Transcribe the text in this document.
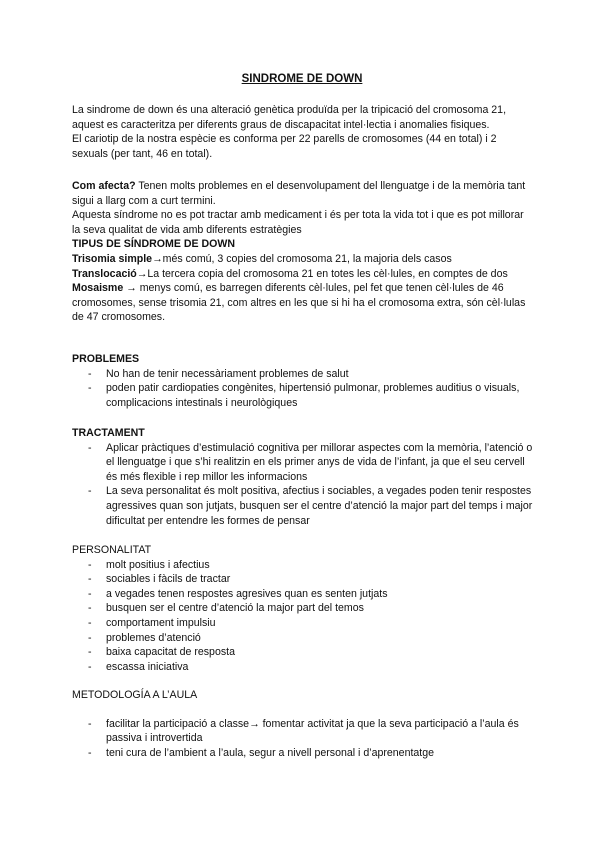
SINDROME DE DOWN

La sindrome de down és una alteració genètica produïda per la tripicació del cromosoma 21, aquest es caracteritza per diferents graus de discapacitat intel·lectia i anomalies fisiques.

El cariotip de la nostra espècie es conforma per 22 parells de cromosomes (44 en total) i 2 sexuals (per tant, 46 en total).

Com afecta? Tenen molts problemes en el desenvolupament del llenguatge i de la memòria tant sigui a llarg com a curt termini.

Aquesta síndrome no es pot tractar amb medicament i és per tota la vida tot i que es pot millorar la seva qualitat de vida amb diferents estratègies

TIPUS DE SÍNDROME DE DOWN

Trisomia simple→més comú, 3 copies del cromosoma 21, la majoria dels casos

Translocació→La tercera copia del cromosoma 21 en totes les cèl·lules, en comptes de dos

Mosaisme → menys comú, es barregen diferents cèl·lules, pel fet que tenen cèl·lules de 46 cromosomes, sense trisomia 21, com altres en les que si hi ha el cromosoma extra, són cèl·lulas de 47 cromosomes.

PROBLEMES

- No han de tenir necessàriament problemes de salut
- poden patir cardiopaties congènites, hipertensió pulmonar, problemes auditius o visuals, complicacions intestinals i neurològiques

TRACTAMENT

- Aplicar pràctiques d’estimulació cognitiva per millorar aspectes com la memòria, l’atenció o el llenguatge i que s’hi realitzin en els primer anys de vida de l’infant, ja que el seu cervell és més flexible i rep millor les informacions
- La seva personalitat és molt positiva, afectius i sociables, a vegades poden tenir respostes agressives quan son jutjats, busquen ser el centre d’atenció la major part del temps i major dificultat per entendre les formes de pensar

PERSONALITAT

- molt positius i afectius
- sociables i fàcils de tractar
- a vegades tenen respostes agresives quan es senten jutjats
- busquen ser el centre d’atenció la major part del temos
- comportament impulsiu
- problemes d’atenció
- baixa capacitat de resposta
- escassa iniciativa

METODOLOGÍA A L’AULA

- facilitar la participació a classe→ fomentar activitat ja que la seva participació a l’aula és passiva i introvertida
- teni cura de l’ambient a l’aula, segur a nivell personal i d’aprenentatge
